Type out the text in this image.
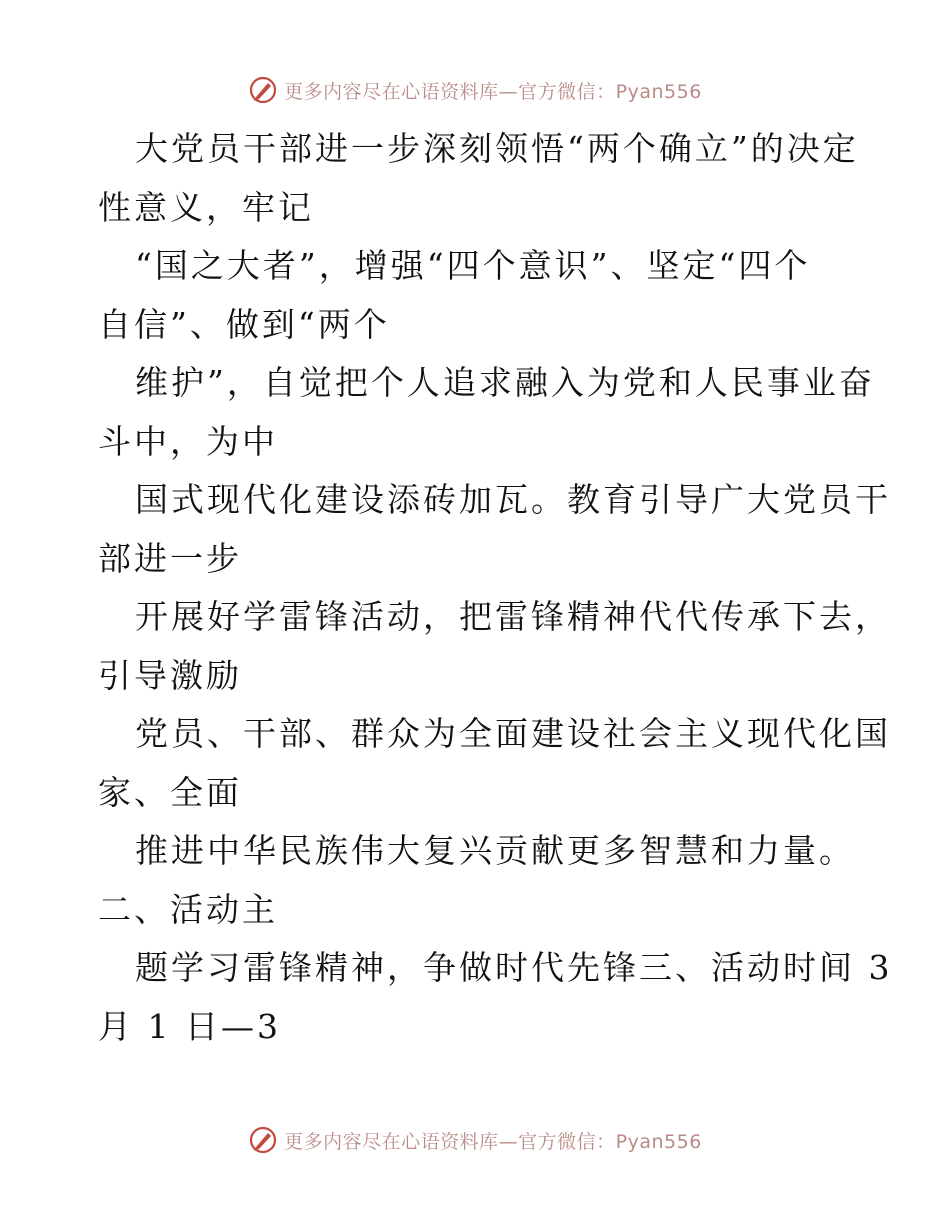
更多内容尽在心语资料库—官方微信：Pyan556
大党员干部进一步深刻领悟“两个确立”的决定
性意义，牢记
“国之大者”，增强“四个意识”、坚定“四个
自信”、做到“两个
维护”，自觉把个人追求融入为党和人民事业奋
斗中，为中
国式现代化建设添砖加瓦。教育引导广大党员干
部进一步
开展好学雷锋活动，把雷锋精神代代传承下去，
引导激励
党员、干部、群众为全面建设社会主义现代化国
家、全面
推进中华民族伟大复兴贡献更多智慧和力量。
二、活动主
题学习雷锋精神，争做时代先锋三、活动时间 3
月 1 日—3
更多内容尽在心语资料库—官方微信：Pyan556
